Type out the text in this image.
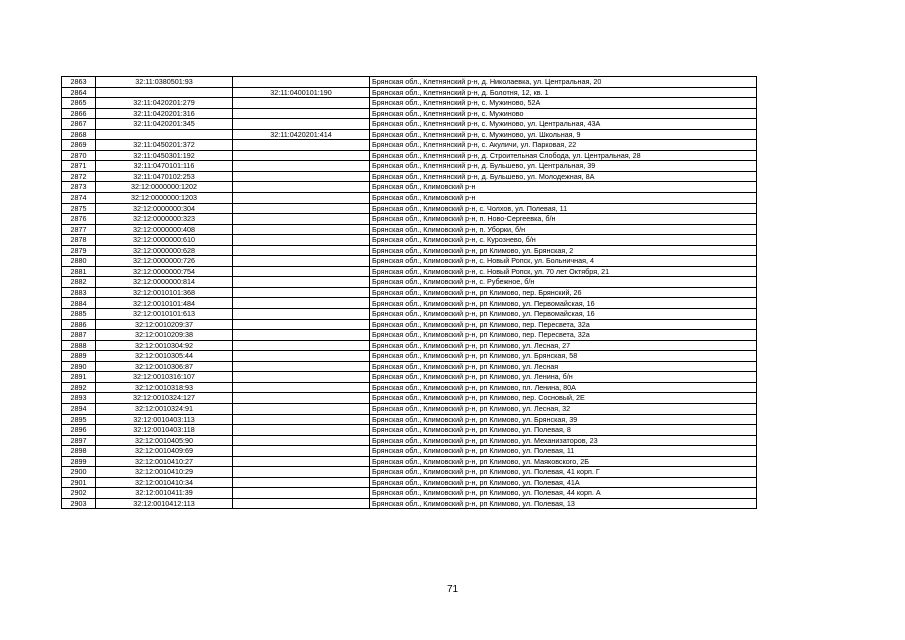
2863	32:11:0380501:93		Брянская обл., Клетнянский р-н, д. Николаевка, ул. Центральная, 20
2864		32:11:0400101:190	Брянская обл., Клетнянский р-н, д. Болотня, 12, кв. 1
2865	32:11:0420201:279		Брянская обл., Клетнянский р-н, с. Мужиново, 52А
2866	32:11:0420201:316		Брянская обл., Клетнянский р-н, с. Мужиново
2867	32:11:0420201:345		Брянская обл., Клетнянский р-н, с. Мужиново, ул. Центральная, 43А
2868		32:11:0420201:414	Брянская обл., Клетнянский р-н, с. Мужиново, ул. Школьная, 9
2869	32:11:0450201:372		Брянская обл., Клетнянский р-н, с. Акуличи, ул. Парковая, 22
2870	32:11:0450301:192		Брянская обл., Клетнянский р-н, д. Строительная Слобода, ул. Центральная, 28
2871	32:11:0470101:116		Брянская обл., Клетнянский р-н, д. Бульшево, ул. Центральная, 39
2872	32:11:0470102:253		Брянская обл., Клетнянский р-н, д. Бульшево, ул. Молодежная, 8А
2873	32:12:0000000:1202		Брянская обл., Климовский р-н
2874	32:12:0000000:1203		Брянская обл., Климовский р-н
2875	32:12:0000000:304		Брянская обл., Климовский р-н, с. Чолхов, ул. Полевая, 11
2876	32:12:0000000:323		Брянская обл., Климовский р-н, п. Ново-Сергеевка, б/н
2877	32:12:0000000:408		Брянская обл., Климовский р-н, п. Уборки, б/н
2878	32:12:0000000:610		Брянская обл., Климовский р-н, с. Курознево, б/н
2879	32:12:0000000:628		Брянская обл., Климовский р-н, рп Климово, ул. Брянская, 2
2880	32:12:0000000:726		Брянская обл., Климовский р-н, с. Новый Ропск, ул. Больничная, 4
2881	32:12:0000000:754		Брянская обл., Климовский р-н, с. Новый Ропск, ул. 70 лет Октября, 21
2882	32:12:0000000:814		Брянская обл., Климовский р-н, с. Рубежное, б/н
2883	32:12:0010101:368		Брянская обл., Климовский р-н, рп Климово, пер. Брянский, 26
2884	32:12:0010101:484		Брянская обл., Климовский р-н, рп Климово, ул. Первомайская, 16
2885	32:12:0010101:613		Брянская обл., Климовский р-н, рп Климово, ул. Первомайская, 16
2886	32:12:0010209:37		Брянская обл., Климовский р-н, рп Климово, пер. Пересвета, 32а
2887	32:12:0010209:38		Брянская обл., Климовский р-н, рп Климово, пер. Пересвета, 32а
2888	32:12:0010304:92		Брянская обл., Климовский р-н, рп Климово, ул. Лесная, 27
2889	32:12:0010305:44		Брянская обл., Климовский р-н, рп Климово, ул. Брянская, 58
2890	32:12:0010306:87		Брянская обл., Климовский р-н, рп Климово, ул. Лесная
2891	32:12:0010316:107		Брянская обл., Климовский р-н, рп Климово, ул. Ленина, б/н
2892	32:12:0010318:93		Брянская обл., Климовский р-н, рп Климово, пл. Ленина, 80А
2893	32:12:0010324:127		Брянская обл., Климовский р-н, рп Климово, пер. Сосновый, 2Е
2894	32:12:0010324:91		Брянская обл., Климовский р-н, рп Климово, ул. Лесная, 32
2895	32:12:0010403:113		Брянская обл., Климовский р-н, рп Климово, ул. Брянская, 39
2896	32:12:0010403:118		Брянская обл., Климовский р-н, рп Климово, ул. Полевая, 8
2897	32:12:0010405:90		Брянская обл., Климовский р-н, рп Климово, ул. Механизаторов, 23
2898	32:12:0010409:69		Брянская обл., Климовский р-н, рп Климово, ул. Полевая, 11
2899	32:12:0010410:27		Брянская обл., Климовский р-н, рп Климово, ул. Маяковского, 2Б
2900	32:12:0010410:29		Брянская обл., Климовский р-н, рп Климово, ул. Полевая, 41 корп. Г
2901	32:12:0010410:34		Брянская обл., Климовский р-н, рп Климово, ул. Полевая, 41А
2902	32:12:0010411:39		Брянская обл., Климовский р-н, рп Климово, ул. Полевая, 44 корп. А
2903	32:12:0010412:113		Брянская обл., Климовский р-н, рп Климово, ул. Полевая, 13
71
